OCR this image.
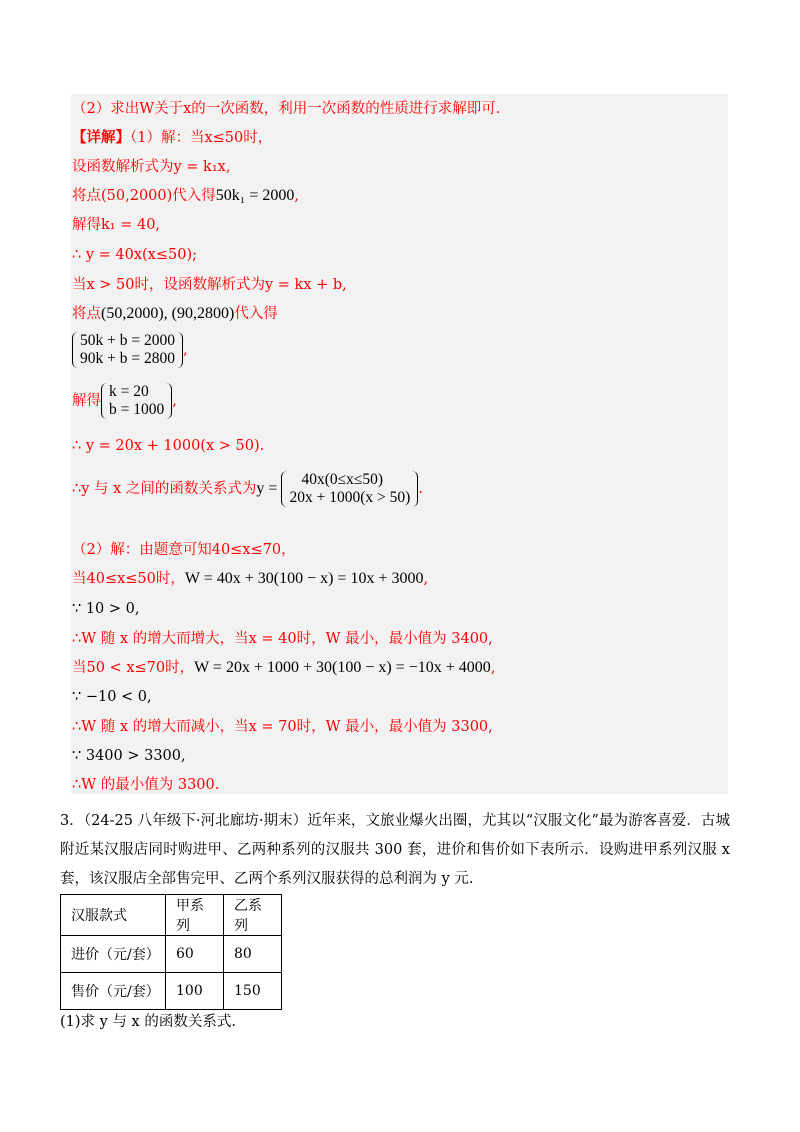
（2）求出W关于x的一次函数，利用一次函数的性质进行求解即可.
【详解】（1）解：当x≤50时，
设函数解析式为y = k₁x,
将点(50,2000)代入得50k₁ = 2000,
解得k₁ = 40,
∴ y = 40x(x≤50);
当x > 50时，设函数解析式为y = kx + b,
将点(50,2000), (90,2800)代入得
50k + b = 2000
90k + b = 2800 ,
解得
k = 20
b = 1000 ,
∴ y = 20x + 1000(x > 50).
∴y 与 x 之间的函数关系式为y =
40x(0≤x≤50)
20x + 1000(x > 50) .
（2）解：由题意可知40≤x≤70，
当40≤x≤50时，W = 40x + 30(100 − x) = 10x + 3000,
∵ 10 > 0,
∴W 随 x 的增大而增大，当x = 40时，W 最小，最小值为 3400,
当50 < x≤70时，W = 20x + 1000 + 30(100 − x) = −10x + 4000,
∵ −10 < 0,
∴W 随 x 的增大而减小，当x = 70时，W 最小，最小值为 3300,
∵ 3400 > 3300,
∴W 的最小值为 3300.
3．（24-25 八年级下·河北廊坊·期末）近年来，文旅业爆火出圈，尤其以“汉服文化”最为游客喜爱．古城附近某汉服店同时购进甲、乙两种系列的汉服共 300 套，进价和售价如下表所示．设购进甲系列汉服 x 套，该汉服店全部售完甲、乙两个系列汉服获得的总利润为 y 元.
汉服款式	甲系列	乙系列
进价（元/套）	60	80
售价（元/套）	100	150
(1)求 y 与 x 的函数关系式.
